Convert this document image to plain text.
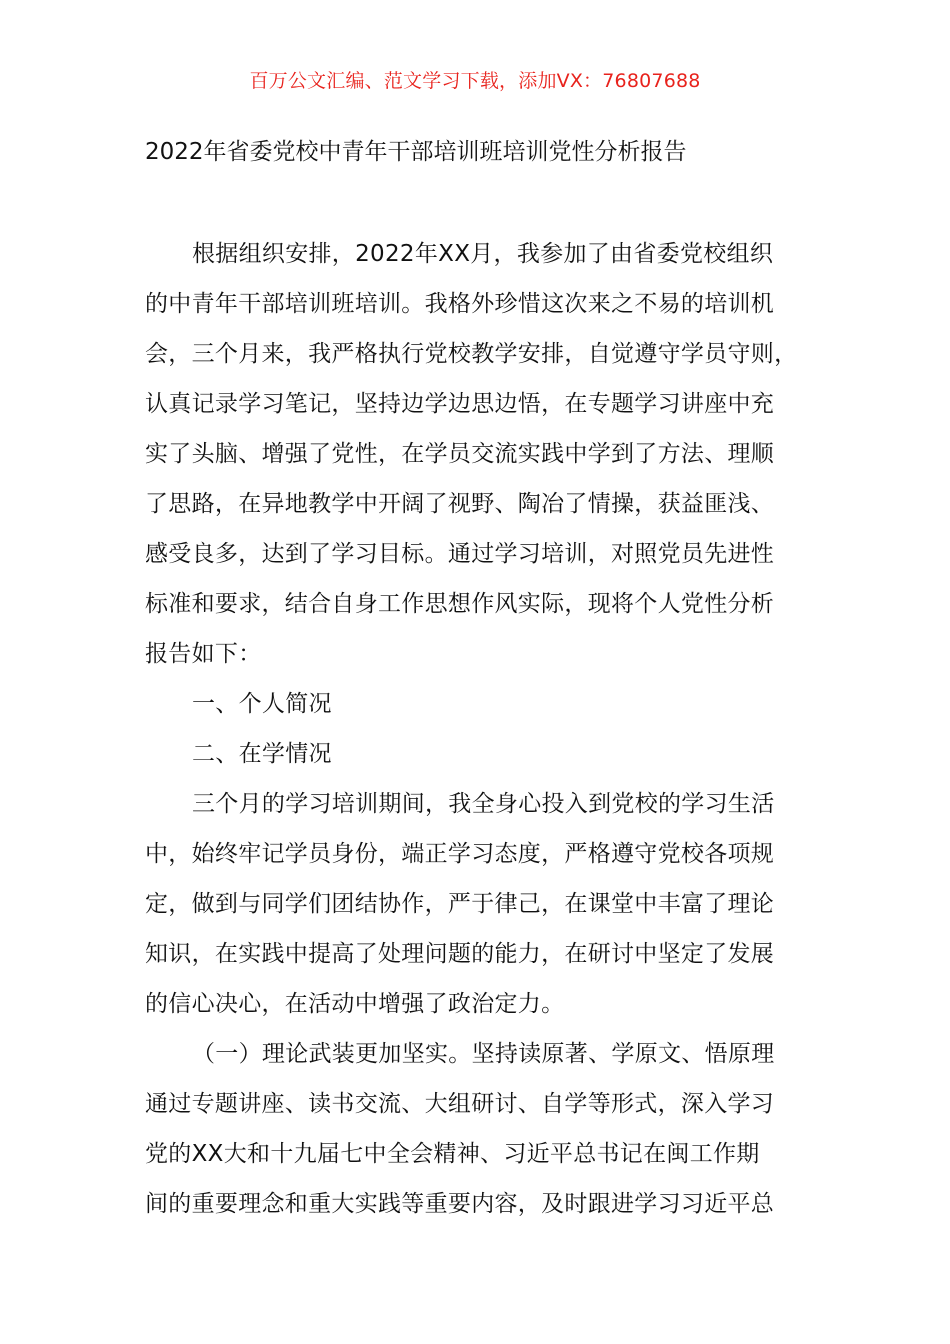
百万公文汇编、范文学习下载，添加VX：76807688
2022年省委党校中青年干部培训班培训党性分析报告
根据组织安排，2022年XX月，我参加了由省委党校组织
的中青年干部培训班培训。我格外珍惜这次来之不易的培训机
会，三个月来，我严格执行党校教学安排，自觉遵守学员守则，
认真记录学习笔记，坚持边学边思边悟，在专题学习讲座中充
实了头脑、增强了党性，在学员交流实践中学到了方法、理顺
了思路，在异地教学中开阔了视野、陶冶了情操，获益匪浅、
感受良多，达到了学习目标。通过学习培训，对照党员先进性
标准和要求，结合自身工作思想作风实际，现将个人党性分析
报告如下：
一、个人简况
二、在学情况
三个月的学习培训期间，我全身心投入到党校的学习生活
中，始终牢记学员身份，端正学习态度，严格遵守党校各项规
定，做到与同学们团结协作，严于律己，在课堂中丰富了理论
知识，在实践中提高了处理问题的能力，在研讨中坚定了发展
的信心决心，在活动中增强了政治定力。
（一）理论武装更加坚实。坚持读原著、学原文、悟原理
通过专题讲座、读书交流、大组研讨、自学等形式，深入学习
党的XX大和十九届七中全会精神、习近平总书记在闽工作期
间的重要理念和重大实践等重要内容，及时跟进学习习近平总
